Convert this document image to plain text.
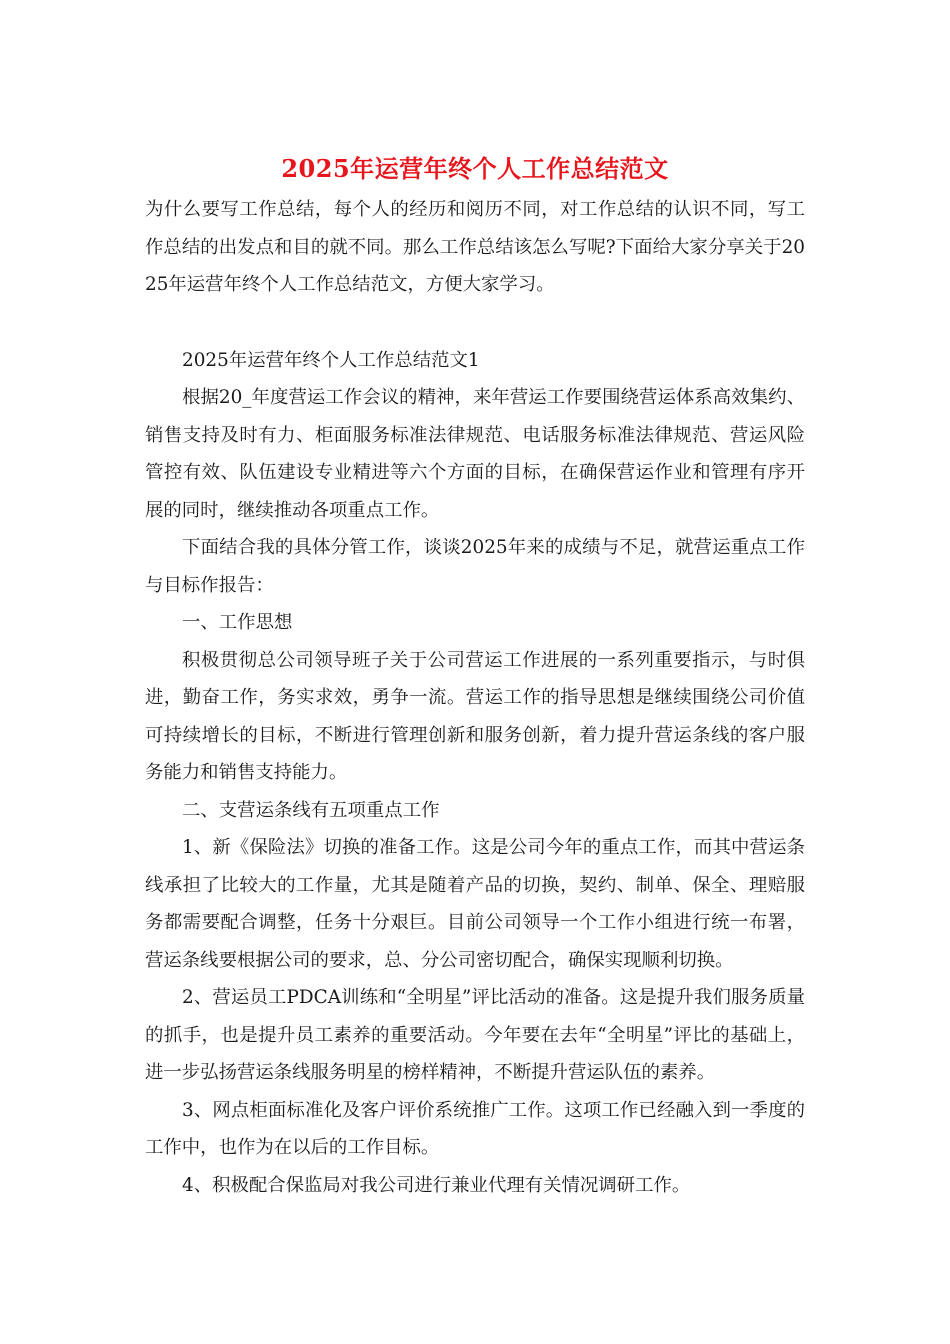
2025年运营年终个人工作总结范文

为什么要写工作总结，每个人的经历和阅历不同，对工作总结的认识不同，写工作总结的出发点和目的就不同。那么工作总结该怎么写呢?下面给大家分享关于2025年运营年终个人工作总结范文，方便大家学习。

2025年运营年终个人工作总结范文1

根据20_年度营运工作会议的精神，来年营运工作要围绕营运体系高效集约、销售支持及时有力、柜面服务标准法律规范、电话服务标准法律规范、营运风险管控有效、队伍建设专业精进等六个方面的目标，在确保营运作业和管理有序开展的同时，继续推动各项重点工作。

下面结合我的具体分管工作，谈谈2025年来的成绩与不足，就营运重点工作与目标作报告：

一、工作思想

积极贯彻总公司领导班子关于公司营运工作进展的一系列重要指示，与时俱进，勤奋工作，务实求效，勇争一流。营运工作的指导思想是继续围绕公司价值可持续增长的目标，不断进行管理创新和服务创新，着力提升营运条线的客户服务能力和销售支持能力。

二、支营运条线有五项重点工作

1、新《保险法》切换的准备工作。这是公司今年的重点工作，而其中营运条线承担了比较大的工作量，尤其是随着产品的切换，契约、制单、保全、理赔服务都需要配合调整，任务十分艰巨。目前公司领导一个工作小组进行统一布署，营运条线要根据公司的要求，总、分公司密切配合，确保实现顺利切换。

2、营运员工PDCA训练和“全明星”评比活动的准备。这是提升我们服务质量的抓手，也是提升员工素养的重要活动。今年要在去年“全明星”评比的基础上，进一步弘扬营运条线服务明星的榜样精神，不断提升营运队伍的素养。

3、网点柜面标准化及客户评价系统推广工作。这项工作已经融入到一季度的工作中，也作为在以后的工作目标。

4、积极配合保监局对我公司进行兼业代理有关情况调研工作。
